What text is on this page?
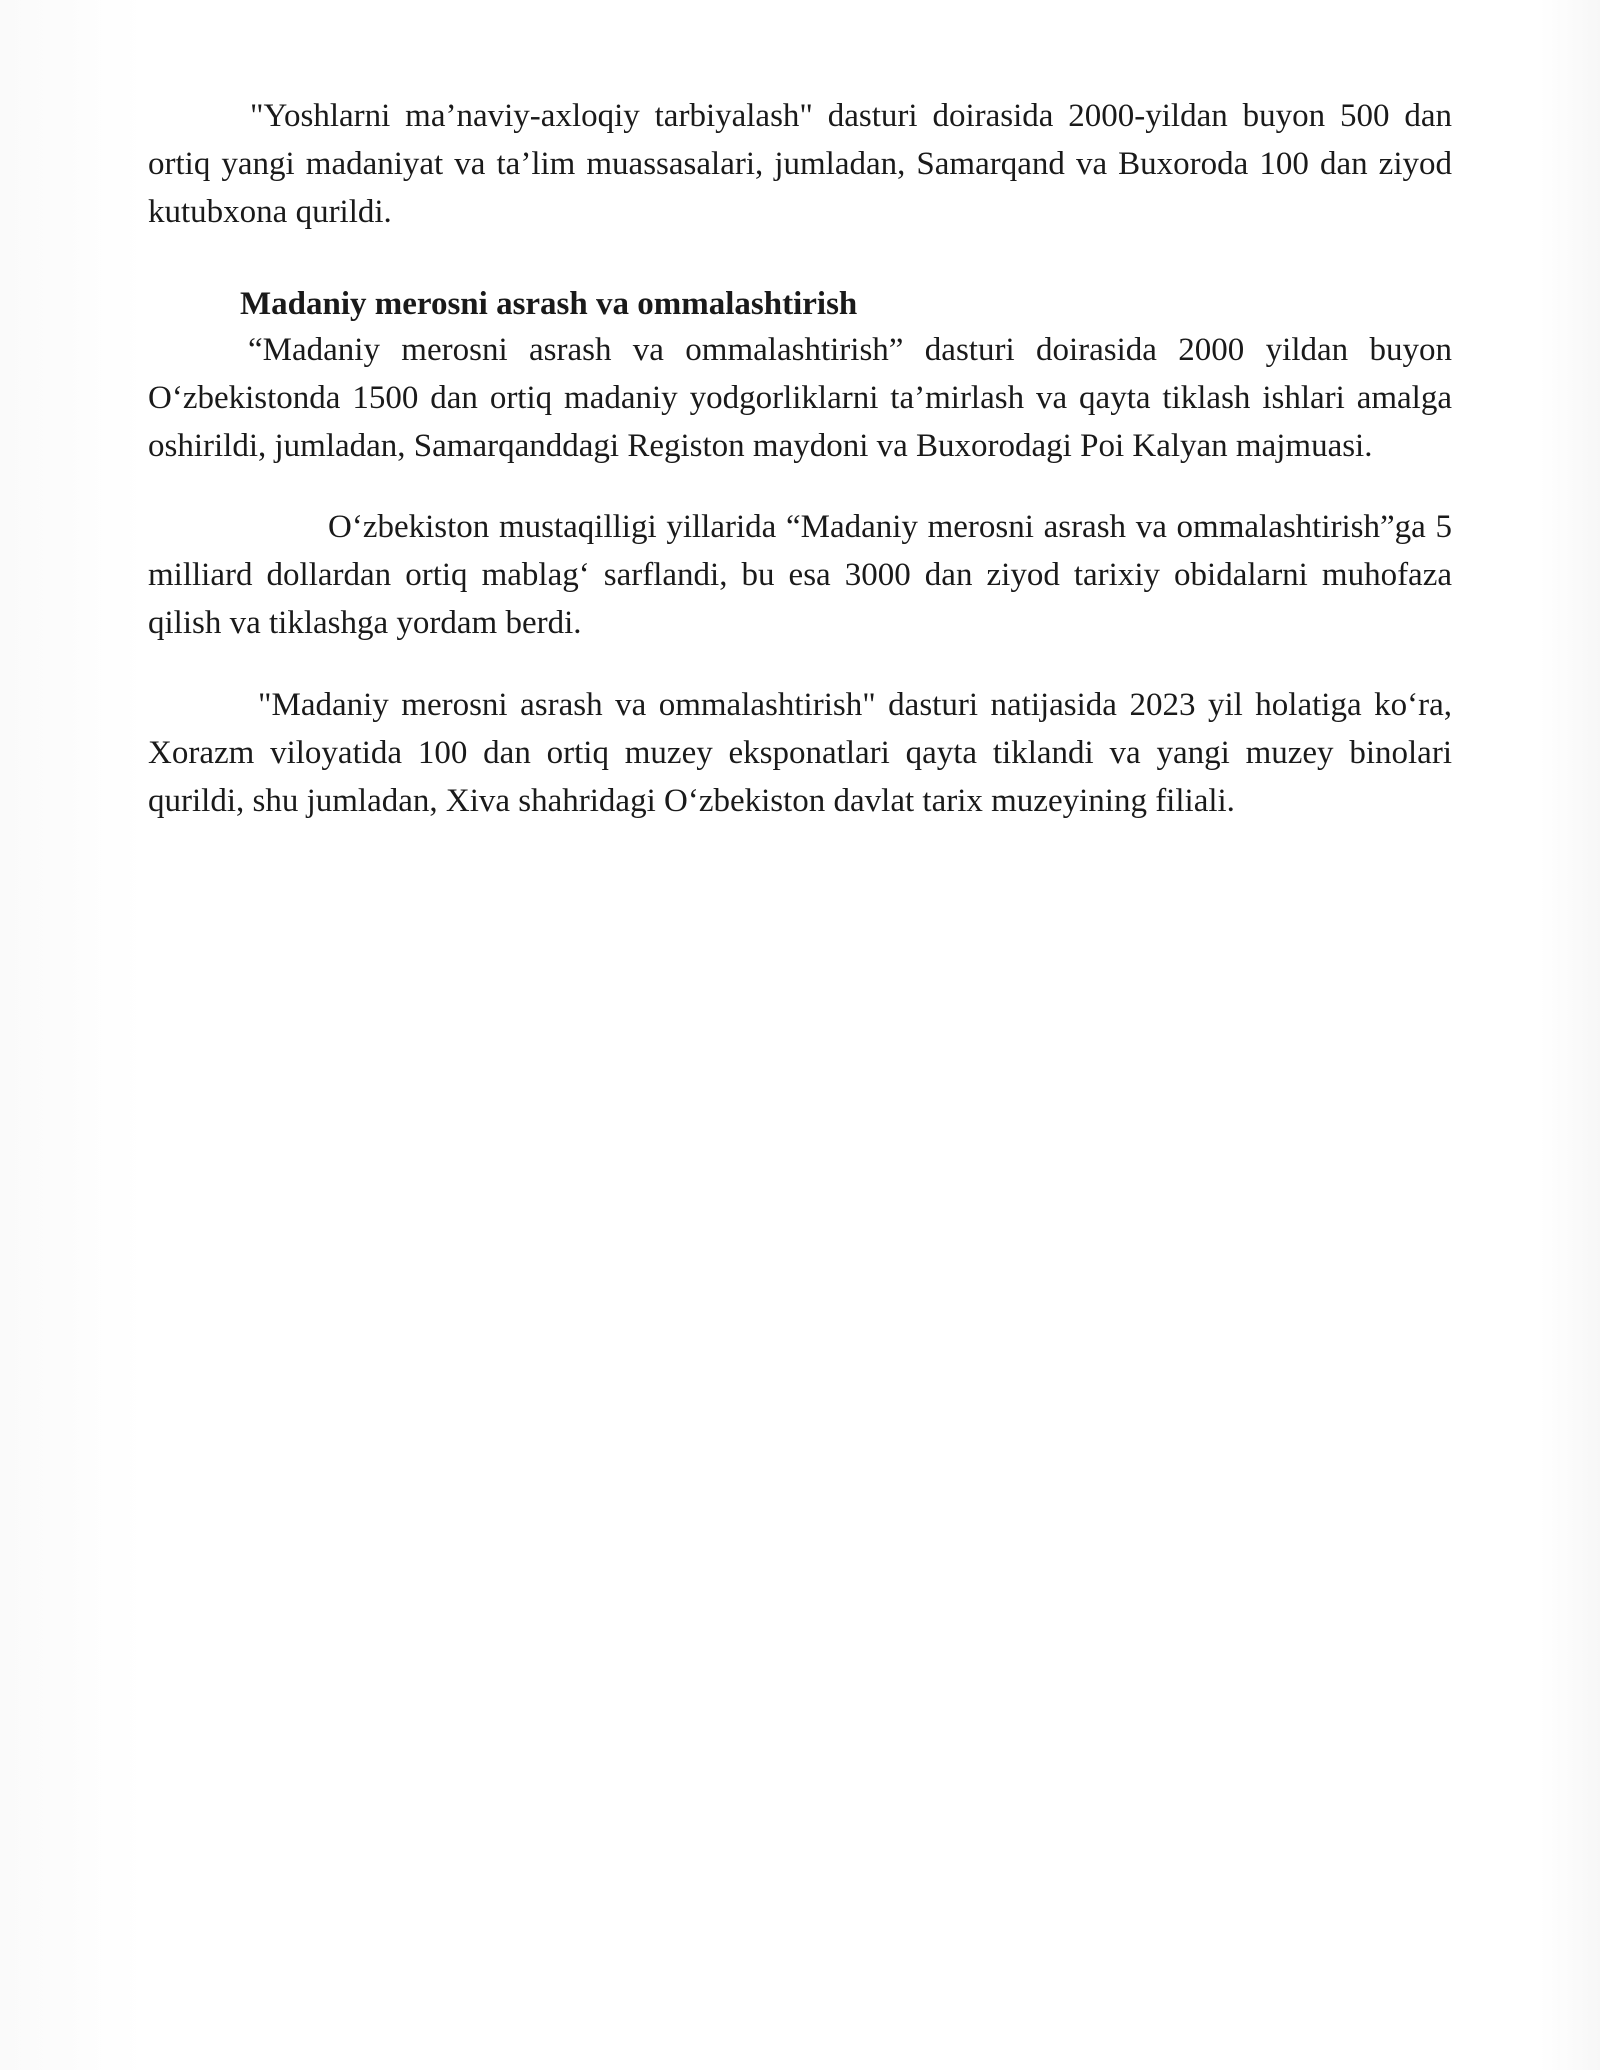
"Yoshlarni ma’naviy-axloqiy tarbiyalash" dasturi doirasida 2000-yildan buyon 500 dan ortiq yangi madaniyat va ta’lim muassasalari, jumladan, Samarqand va Buxoroda 100 dan ziyod kutubxona qurildi.

Madaniy merosni asrash va ommalashtirish

“Madaniy merosni asrash va ommalashtirish” dasturi doirasida 2000 yildan buyon O‘zbekistonda 1500 dan ortiq madaniy yodgorliklarni ta’mirlash va qayta tiklash ishlari amalga oshirildi, jumladan, Samarqanddagi Registon maydoni va Buxorodagi Poi Kalyan majmuasi.

O‘zbekiston mustaqilligi yillarida “Madaniy merosni asrash va ommalashtirish”ga 5 milliard dollardan ortiq mablag‘ sarflandi, bu esa 3000 dan ziyod tarixiy obidalarni muhofaza qilish va tiklashga yordam berdi.

"Madaniy merosni asrash va ommalashtirish" dasturi natijasida 2023 yil holatiga ko‘ra, Xorazm viloyatida 100 dan ortiq muzey eksponatlari qayta tiklandi va yangi muzey binolari qurildi, shu jumladan, Xiva shahridagi O‘zbekiston davlat tarix muzeyining filiali.
